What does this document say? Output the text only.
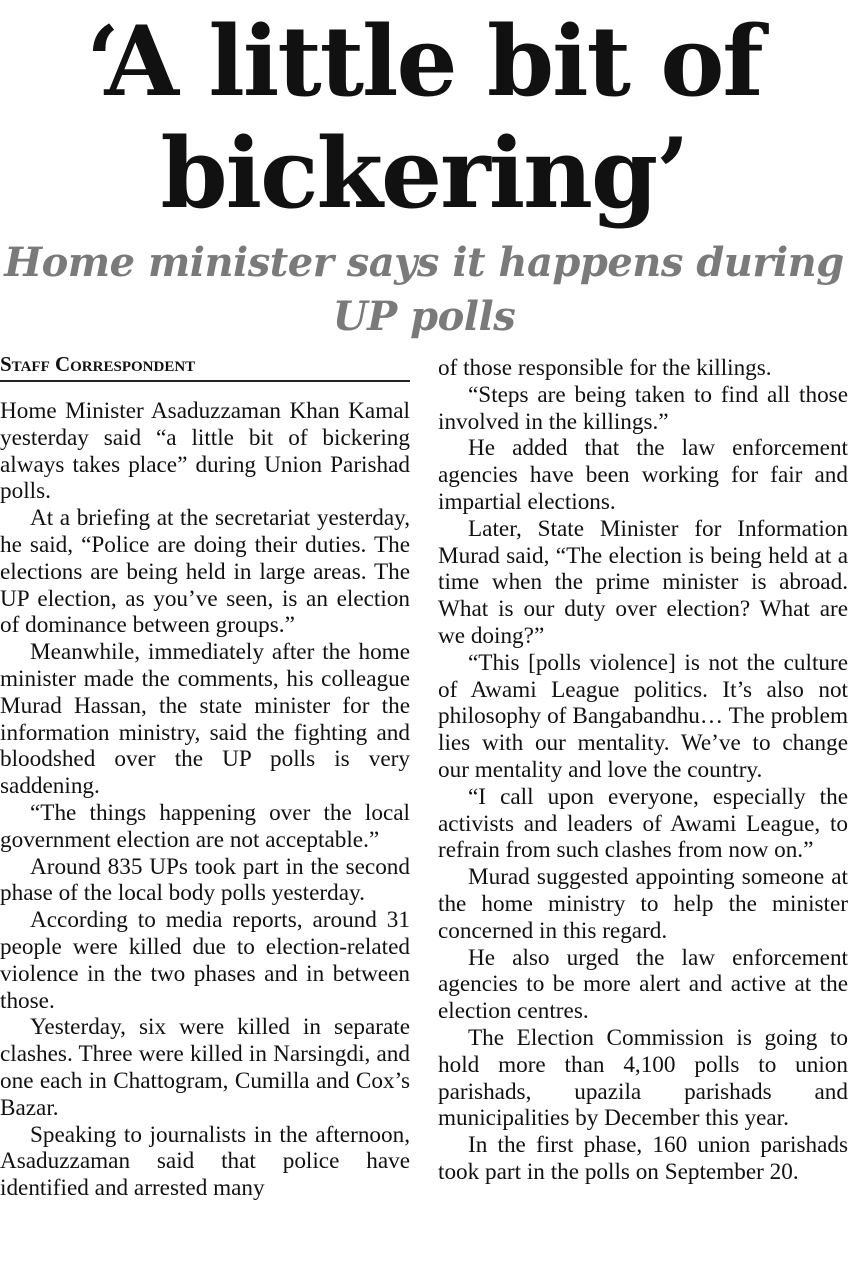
‘A little bit of bickering’
Home minister says it happens during UP polls
Staff Correspondent

Home Minister Asaduzzaman Khan Kamal yesterday said “a little bit of bickering always takes place” during Union Parishad polls.

At a briefing at the secretariat yesterday, he said, “Police are doing their duties. The elections are being held in large areas. The UP election, as you’ve seen, is an election of dominance between groups.”

Meanwhile, immediately after the home minister made the comments, his colleague Murad Hassan, the state minister for the information ministry, said the fighting and bloodshed over the UP polls is very saddening.

“The things happening over the local government election are not acceptable.”

Around 835 UPs took part in the second phase of the local body polls yesterday.

According to media reports, around 31 people were killed due to election-related violence in the two phases and in between those.

Yesterday, six were killed in separate clashes. Three were killed in Narsingdi, and one each in Chattogram, Cumilla and Cox’s Bazar.

Speaking to journalists in the afternoon, Asaduzzaman said that police have identified and arrested many

of those responsible for the killings.

“Steps are being taken to find all those involved in the killings.”

He added that the law enforcement agencies have been working for fair and impartial elections.

Later, State Minister for Information Murad said, “The election is being held at a time when the prime minister is abroad. What is our duty over election? What are we doing?”

“This [polls violence] is not the culture of Awami League politics. It’s also not philosophy of Bangabandhu… The problem lies with our mentality. We’ve to change our mentality and love the country.

“I call upon everyone, especially the activists and leaders of Awami League, to refrain from such clashes from now on.”

Murad suggested appointing someone at the home ministry to help the minister concerned in this regard.

He also urged the law enforcement agencies to be more alert and active at the election centres.

The Election Commission is going to hold more than 4,100 polls to union parishads, upazila parishads and municipalities by December this year.

In the first phase, 160 union parishads took part in the polls on September 20.
